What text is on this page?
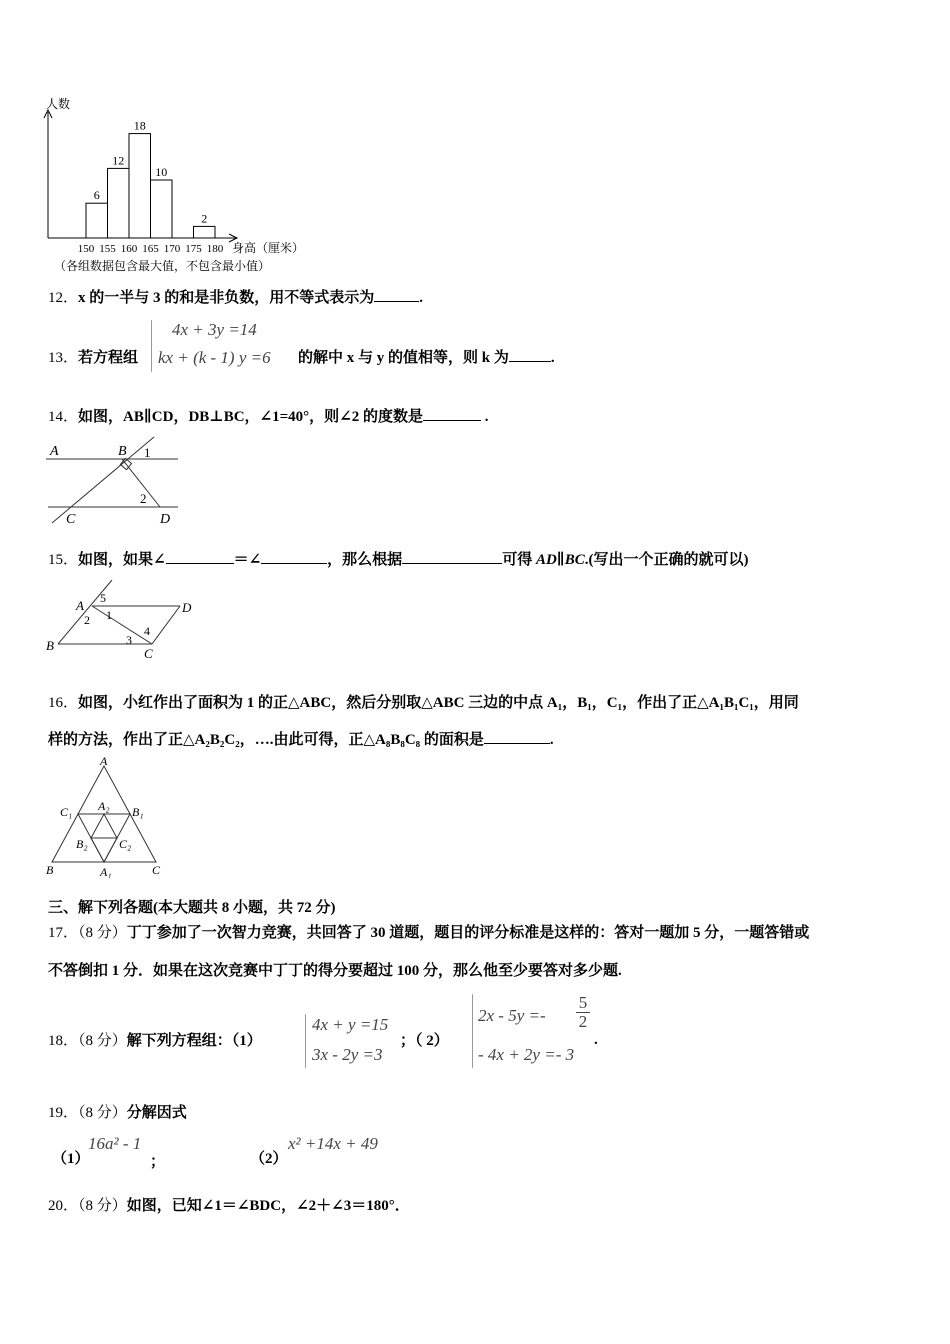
人数
身高（厘米）
（各组数据包含最大值，不包含最小值）
6
12
18
10
2
150 155 160 165 170 175 180
12．x 的一半与 3 的和是非负数，用不等式表示为	.
13．若方程组
4x + 3y =14
kx + (k - 1) y =6 的解中 x 与 y 的值相等，则 k 为	.
14．如图，AB∥CD，DB⊥BC，∠1=40°，则∠2 的度数是	.
A	B
C	D
1
2
15．如图，如果∠	＝∠	，那么根据	可得 AD∥BC.(写出一个正确的就可以)
A
B
C
D
5
1
2
3
4
16．如图，小红作出了面积为 1 的正△ABC，然后分别取△ABC 三边的中点 A₁，B₁，C₁，作出了正△A₁B₁C₁，用同
样的方法，作出了正△A₂B₂C₂，….由此可得，正△A₈B₈C₈ 的面积是	.
A
B	C
C₁	B₁
A₁
A₂
B₂	C₂
三、解下列各题(本大题共 8 小题，共 72 分)
17．（8 分）丁丁参加了一次智力竞赛，共回答了 30 道题，题目的评分标准是这样的：答对一题加 5 分，一题答错或
不答倒扣 1 分．如果在这次竞赛中丁丁的得分要超过 100 分，那么他至少要答对多少题.
18．（8 分）解下列方程组：（1）
4x + y =15
3x - 2y =3
；（ 2）
2x - 5y =-
5
2
- 4x + 2y =- 3
.
19．（8 分）分解因式
（1）
16a² - 1
；	（2）
x² +14x + 49
20．（8 分）如图，已知∠1＝∠BDC，∠2＋∠3＝180°．
